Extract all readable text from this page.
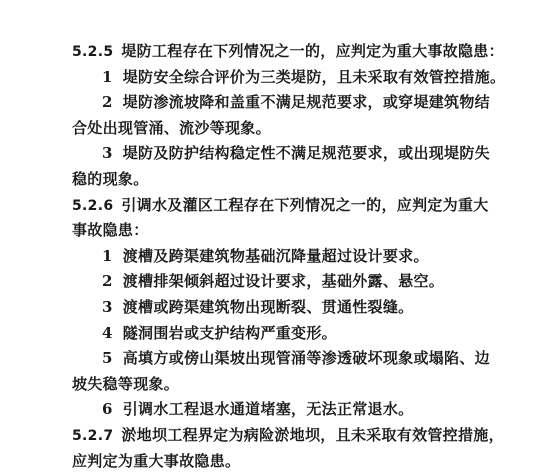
5.2.5 堤防工程存在下列情况之一的，应判定为重大事故隐患：
1 堤防安全综合评价为三类堤防，且未采取有效管控措施。
2 堤防渗流坡降和盖重不满足规范要求，或穿堤建筑物结
合处出现管涌、流沙等现象。
3 堤防及防护结构稳定性不满足规范要求，或出现堤防失
稳的现象。
5.2.6 引调水及灌区工程存在下列情况之一的，应判定为重大
事故隐患：
1 渡槽及跨渠建筑物基础沉降量超过设计要求。
2 渡槽排架倾斜超过设计要求，基础外露、悬空。
3 渡槽或跨渠建筑物出现断裂、贯通性裂缝。
4 隧洞围岩或支护结构严重变形。
5 高填方或傍山渠坡出现管涌等渗透破坏现象或塌陷、边
坡失稳等现象。
6 引调水工程退水通道堵塞，无法正常退水。
5.2.7 淤地坝工程界定为病险淤地坝，且未采取有效管控措施，
应判定为重大事故隐患。
